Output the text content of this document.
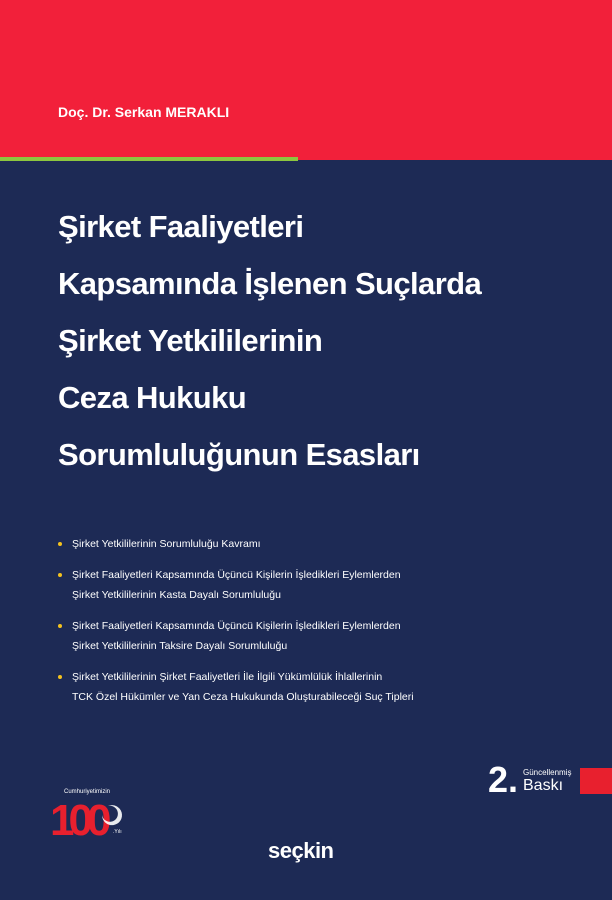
Doç. Dr. Serkan MERAKLI
Şirket Faaliyetleri
Kapsamında İşlenen Suçlarda
Şirket Yetkililerinin
Ceza Hukuku
Sorumluluğunun Esasları
Şirket Yetkililerinin Sorumluluğu Kavramı
Şirket Faaliyetleri Kapsamında Üçüncü Kişilerin İşledikleri Eylemlerden
Şirket Yetkililerinin Kasta Dayalı Sorumluluğu
Şirket Faaliyetleri Kapsamında Üçüncü Kişilerin İşledikleri Eylemlerden
Şirket Yetkililerinin Taksire Dayalı Sorumluluğu
Şirket Yetkililerinin Şirket Faaliyetleri İle İlgili Yükümlülük İhlallerinin
TCK Özel Hükümler ve Yan Ceza Hukukunda Oluşturabileceği Suç Tipleri
2. Güncellenmiş
Baskı
Cumhuriyetimizin
100	.Yılı
seçkin
